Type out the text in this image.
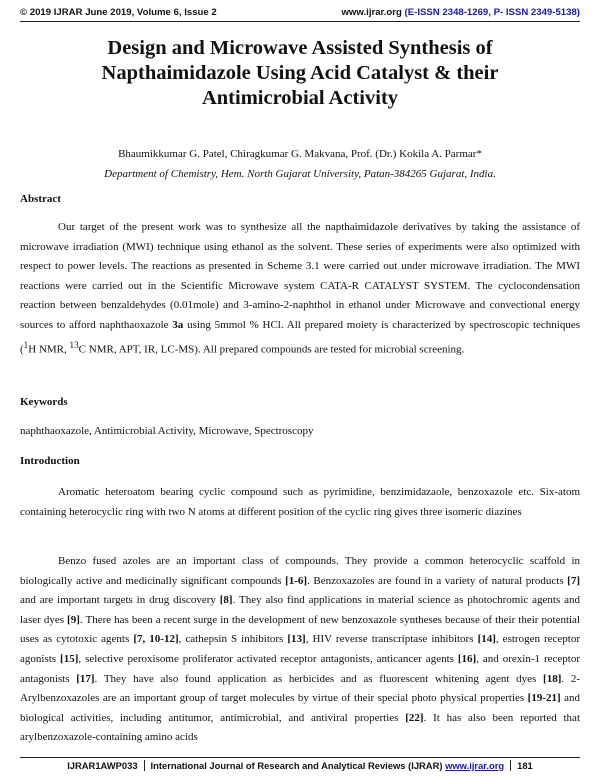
© 2019 IJRAR June 2019, Volume 6, Issue 2	www.ijrar.org (E-ISSN 2348-1269, P- ISSN 2349-5138)
Design and Microwave Assisted Synthesis of
Napthaimidazole Using Acid Catalyst & their
Antimicrobial Activity
Bhaumikkumar G. Patel, Chiragkumar G. Makvana, Prof. (Dr.) Kokila A. Parmar*
Department of Chemistry, Hem. North Gujarat University, Patan-384265 Gujarat, India.
Abstract

Our target of the present work was to synthesize all the napthaimidazole derivatives by taking the assistance of microwave irradiation (MWI) technique using ethanol as the solvent. These series of experiments were also optimized with respect to power levels. The reactions as presented in Scheme 3.1 were carried out under microwave irradiation. The MWI reactions were carried out in the Scientific Microwave system CATA-R CATALYST SYSTEM. The cyclocondensation reaction between benzaldehydes (0.01mole) and 3-amino-2-naphthol in ethanol under Microwave and convectional energy sources to afford naphthaoxazole 3a using 5mmol % HCl. All prepared moiety is characterized by spectroscopic techniques ($^1$H NMR, $^{13}$C NMR, APT, IR, LC-MS). All prepared compounds are tested for microbial screening.

Keywords

naphthaoxazole, Antimicrobial Activity, Microwave, Spectroscopy

Introduction

Aromatic heteroatom bearing cyclic compound such as pyrimidine, benzimidazaole, benzoxazole etc. Six-atom containing heterocyclic ring with two N atoms at different position of the cyclic ring gives three isomeric diazines

Benzo fused azoles are an important class of compounds. They provide a common heterocyclic scaffold in biologically active and medicinally significant compounds [1-6]. Benzoxazoles are found in a variety of natural products [7] and are important targets in drug discovery [8]. They also find applications in material science as photochromic agents and laser dyes [9]. There has been a recent surge in the development of new benzoxazole syntheses because of their their potential uses as cytotoxic agents [7, 10-12], cathepsin S inhibitors [13], HIV reverse transcriptase inhibitors [14], estrogen receptor agonists [15], selective peroxisome proliferator activated receptor antagonists, anticancer agents [16], and orexin-1 receptor antagonists [17]. They have also found application as herbicides and as fluorescent whitening agent dyes [18]. 2-Arylbenzoxazoles are an important group of target molecules by virtue of their special photo physical properties [19-21] and biological activities, including antitumor, antimicrobial, and antiviral properties [22]. It has also been reported that arylbenzoxazole-containing amino acids

IJRAR1AWP033 International Journal of Research and Analytical Reviews (IJRAR) www.ijrar.org 181
